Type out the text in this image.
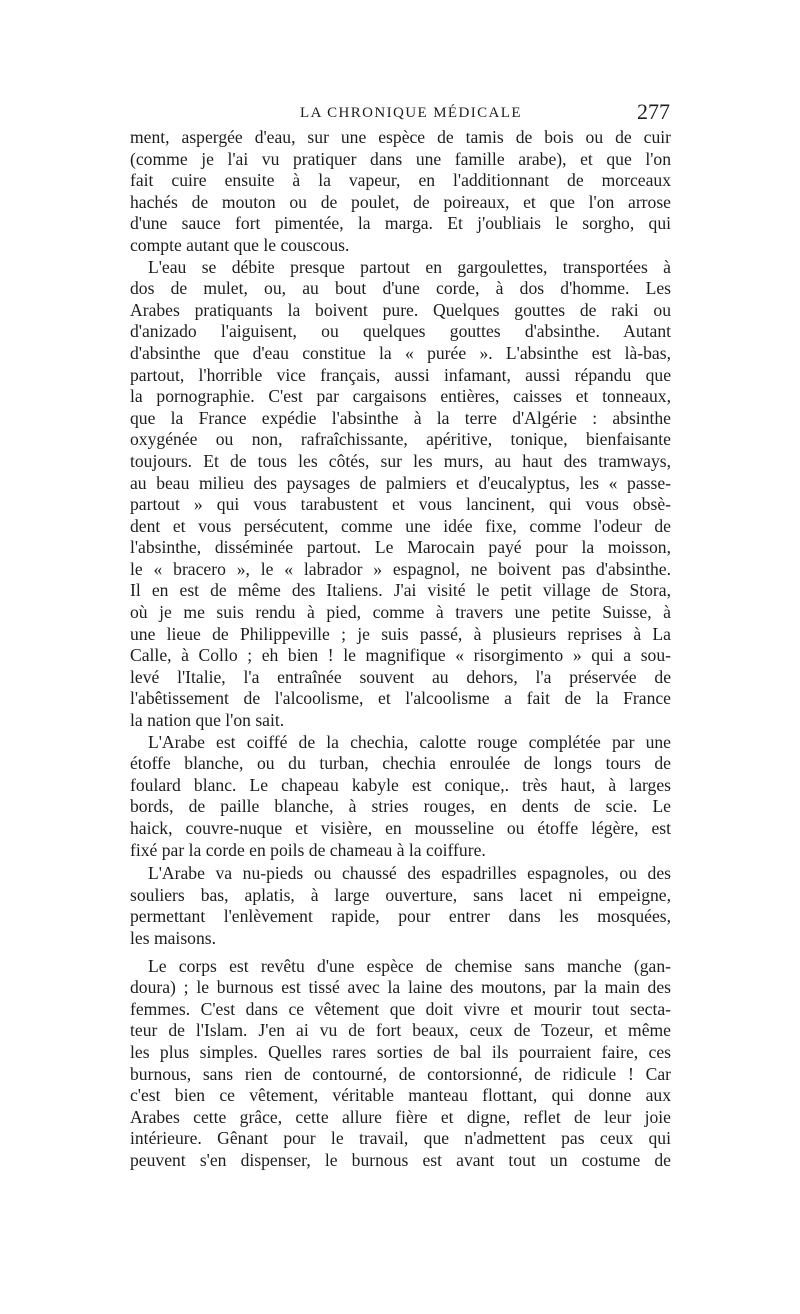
LA CHRONIQUE MÉDICALE	277
ment, aspergée d'eau, sur une espèce de tamis de bois ou de cuir
(comme je l'ai vu pratiquer dans une famille arabe), et que l'on
fait cuire ensuite à la vapeur, en l'additionnant de morceaux
hachés de mouton ou de poulet, de poireaux, et que l'on arrose
d'une sauce fort pimentée, la marga. Et j'oubliais le sorgho, qui
compte autant que le couscous.
L'eau se débite presque partout en gargoulettes, transportées à
dos de mulet, ou, au bout d'une corde, à dos d'homme. Les
Arabes pratiquants la boivent pure. Quelques gouttes de raki ou
d'anizado l'aiguisent, ou quelques gouttes d'absinthe. Autant
d'absinthe que d'eau constitue la « purée ». L'absinthe est là-bas,
partout, l'horrible vice français, aussi infamant, aussi répandu que
la pornographie. C'est par cargaisons entières, caisses et tonneaux,
que la France expédie l'absinthe à la terre d'Algérie : absinthe
oxygénée ou non, rafraîchissante, apéritive, tonique, bienfaisante
toujours. Et de tous les côtés, sur les murs, au haut des tramways,
au beau milieu des paysages de palmiers et d'eucalyptus, les « passe-
partout » qui vous tarabustent et vous lancinent, qui vous obsè-
dent et vous persécutent, comme une idée fixe, comme l'odeur de
l'absinthe, disséminée partout. Le Marocain payé pour la moisson,
le « bracero », le « labrador » espagnol, ne boivent pas d'absinthe.
Il en est de même des Italiens. J'ai visité le petit village de Stora,
où je me suis rendu à pied, comme à travers une petite Suisse, à
une lieue de Philippeville ; je suis passé, à plusieurs reprises à La
Calle, à Collo ; eh bien ! le magnifique « risorgimento » qui a sou-
levé l'Italie, l'a entraînée souvent au dehors, l'a préservée de
l'abêtissement de l'alcoolisme, et l'alcoolisme a fait de la France
la nation que l'on sait.
L'Arabe est coiffé de la chechia, calotte rouge complétée par une
étoffe blanche, ou du turban, chechia enroulée de longs tours de
foulard blanc. Le chapeau kabyle est conique,. très haut, à larges
bords, de paille blanche, à stries rouges, en dents de scie. Le
haick, couvre-nuque et visière, en mousseline ou étoffe légère, est
fixé par la corde en poils de chameau à la coiffure.
L'Arabe va nu-pieds ou chaussé des espadrilles espagnoles, ou des
souliers bas, aplatis, à large ouverture, sans lacet ni empeigne,
permettant l'enlèvement rapide, pour entrer dans les mosquées,
les maisons.
Le corps est revêtu d'une espèce de chemise sans manche (gan-
doura) ; le burnous est tissé avec la laine des moutons, par la main des
femmes. C'est dans ce vêtement que doit vivre et mourir tout secta-
teur de l'Islam. J'en ai vu de fort beaux, ceux de Tozeur, et même
les plus simples. Quelles rares sorties de bal ils pourraient faire, ces
burnous, sans rien de contourné, de contorsionné, de ridicule ! Car
c'est bien ce vêtement, véritable manteau flottant, qui donne aux
Arabes cette grâce, cette allure fière et digne, reflet de leur joie
intérieure. Gênant pour le travail, que n'admettent pas ceux qui
peuvent s'en dispenser, le burnous est avant tout un costume de
